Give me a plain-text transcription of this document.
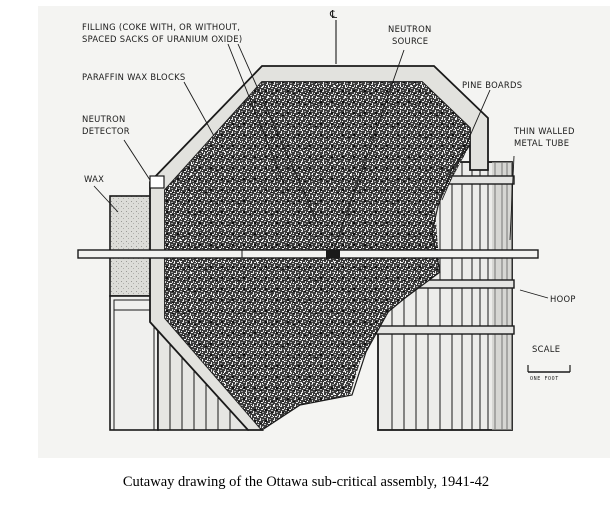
℄
FILLING (COKE WITH, OR WITHOUT,
SPACED SACKS OF URANIUM OXIDE)
NEUTRON
SOURCE
PARAFFIN WAX BLOCKS
PINE BOARDS
NEUTRON
DETECTOR	THIN WALLED
METAL TUBE
WAX
HOOP
SCALE
ONE FOOT
Cutaway drawing of the Ottawa sub-critical assembly, 1941-42
